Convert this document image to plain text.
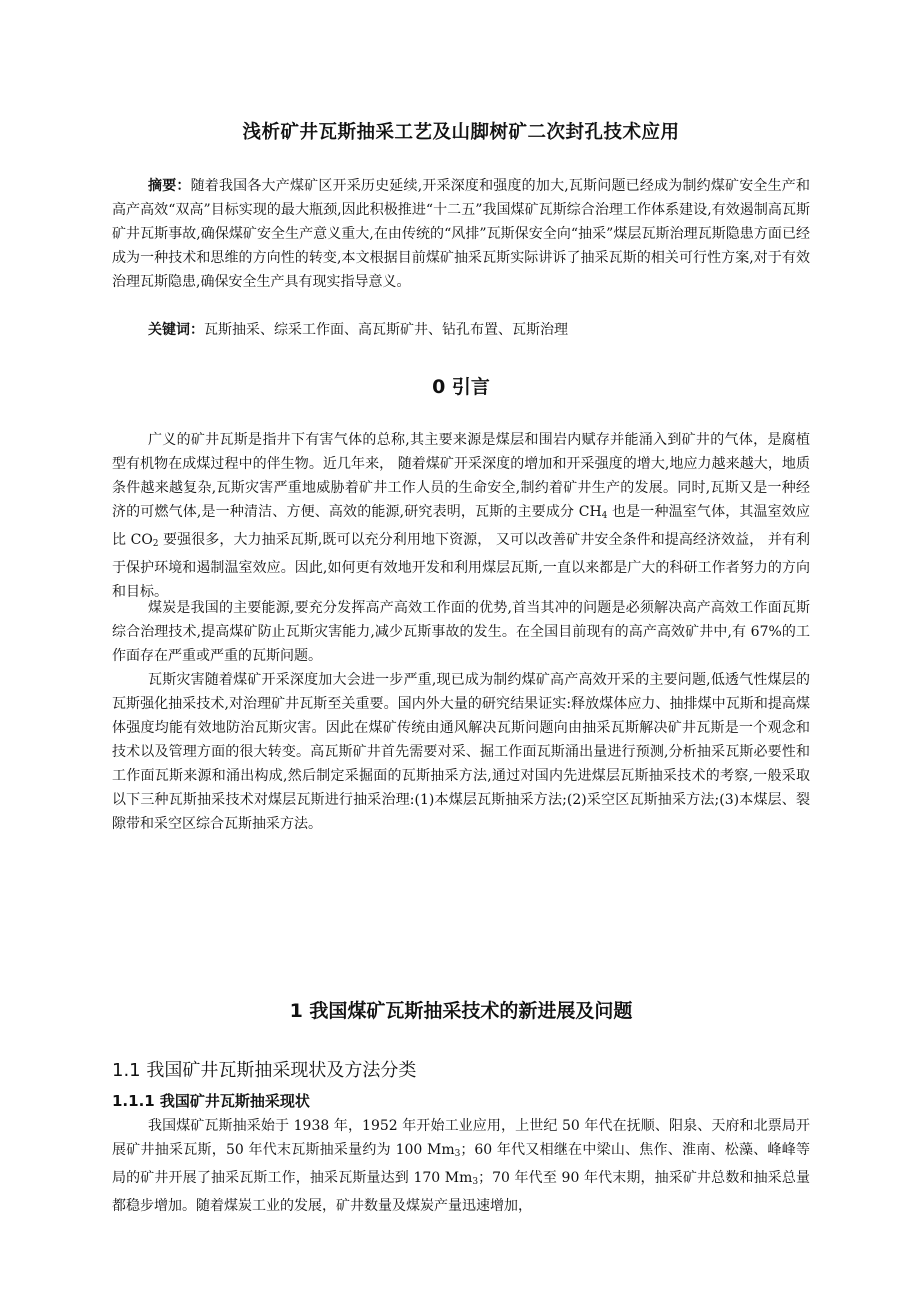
浅析矿井瓦斯抽采工艺及山脚树矿二次封孔技术应用

摘要：随着我国各大产煤矿区开采历史延续,开采深度和强度的加大,瓦斯问题已经成为制约煤矿安全生产和高产高效“双高”目标实现的最大瓶颈,因此积极推进“十二五”我国煤矿瓦斯综合治理工作体系建设,有效遏制高瓦斯矿井瓦斯事故,确保煤矿安全生产意义重大,在由传统的“风排”瓦斯保安全向“抽采”煤层瓦斯治理瓦斯隐患方面已经成为一种技术和思维的方向性的转变,本文根据目前煤矿抽采瓦斯实际讲诉了抽采瓦斯的相关可行性方案,对于有效治理瓦斯隐患,确保安全生产具有现实指导意义。

关键词：瓦斯抽采、综采工作面、高瓦斯矿井、钻孔布置、瓦斯治理

0 引言

广义的矿井瓦斯是指井下有害气体的总称,其主要来源是煤层和围岩内赋存并能涌入到矿井的气体，是腐植型有机物在成煤过程中的伴生物。近几年来， 随着煤矿开采深度的增加和开采强度的增大,地应力越来越大，地质条件越来越复杂,瓦斯灾害严重地威胁着矿井工作人员的生命安全,制约着矿井生产的发展。同时,瓦斯又是一种经济的可燃气体,是一种清洁、方便、高效的能源,研究表明，瓦斯的主要成分 CH4 也是一种温室气体，其温室效应比 CO2 要强很多，大力抽采瓦斯,既可以充分利用地下资源， 又可以改善矿井安全条件和提高经济效益， 并有利于保护环境和遏制温室效应。因此,如何更有效地开发和利用煤层瓦斯,一直以来都是广大的科研工作者努力的方向和目标。

煤炭是我国的主要能源,要充分发挥高产高效工作面的优势,首当其冲的问题是必须解决高产高效工作面瓦斯综合治理技术,提高煤矿防止瓦斯灾害能力,减少瓦斯事故的发生。在全国目前现有的高产高效矿井中,有 67%的工作面存在严重或严重的瓦斯问题。

瓦斯灾害随着煤矿开采深度加大会进一步严重,现已成为制约煤矿高产高效开采的主要问题,低透气性煤层的瓦斯强化抽采技术,对治理矿井瓦斯至关重要。国内外大量的研究结果证实:释放煤体应力、抽排煤中瓦斯和提高煤体强度均能有效地防治瓦斯灾害。因此在煤矿传统由通风解决瓦斯问题向由抽采瓦斯解决矿井瓦斯是一个观念和技术以及管理方面的很大转变。高瓦斯矿井首先需要对采、掘工作面瓦斯涌出量进行预测,分析抽采瓦斯必要性和工作面瓦斯来源和涌出构成,然后制定采掘面的瓦斯抽采方法,通过对国内先进煤层瓦斯抽采技术的考察,一般采取以下三种瓦斯抽采技术对煤层瓦斯进行抽采治理:(1)本煤层瓦斯抽采方法;(2)采空区瓦斯抽采方法;(3)本煤层、裂隙带和采空区综合瓦斯抽采方法。

1 我国煤矿瓦斯抽采技术的新进展及问题
1.1 我国矿井瓦斯抽采现状及方法分类
1.1.1 我国矿井瓦斯抽采现状

我国煤矿瓦斯抽采始于 1938 年，1952 年开始工业应用，上世纪 50 年代在抚顺、阳泉、天府和北票局开展矿井抽采瓦斯，50 年代末瓦斯抽采量约为 100 Mm3；60 年代又相继在中梁山、焦作、淮南、松藻、峰峰等局的矿井开展了抽采瓦斯工作，抽采瓦斯量达到 170 Mm3；70 年代至 90 年代末期，抽采矿井总数和抽采总量都稳步增加。随着煤炭工业的发展，矿井数量及煤炭产量迅速增加，
